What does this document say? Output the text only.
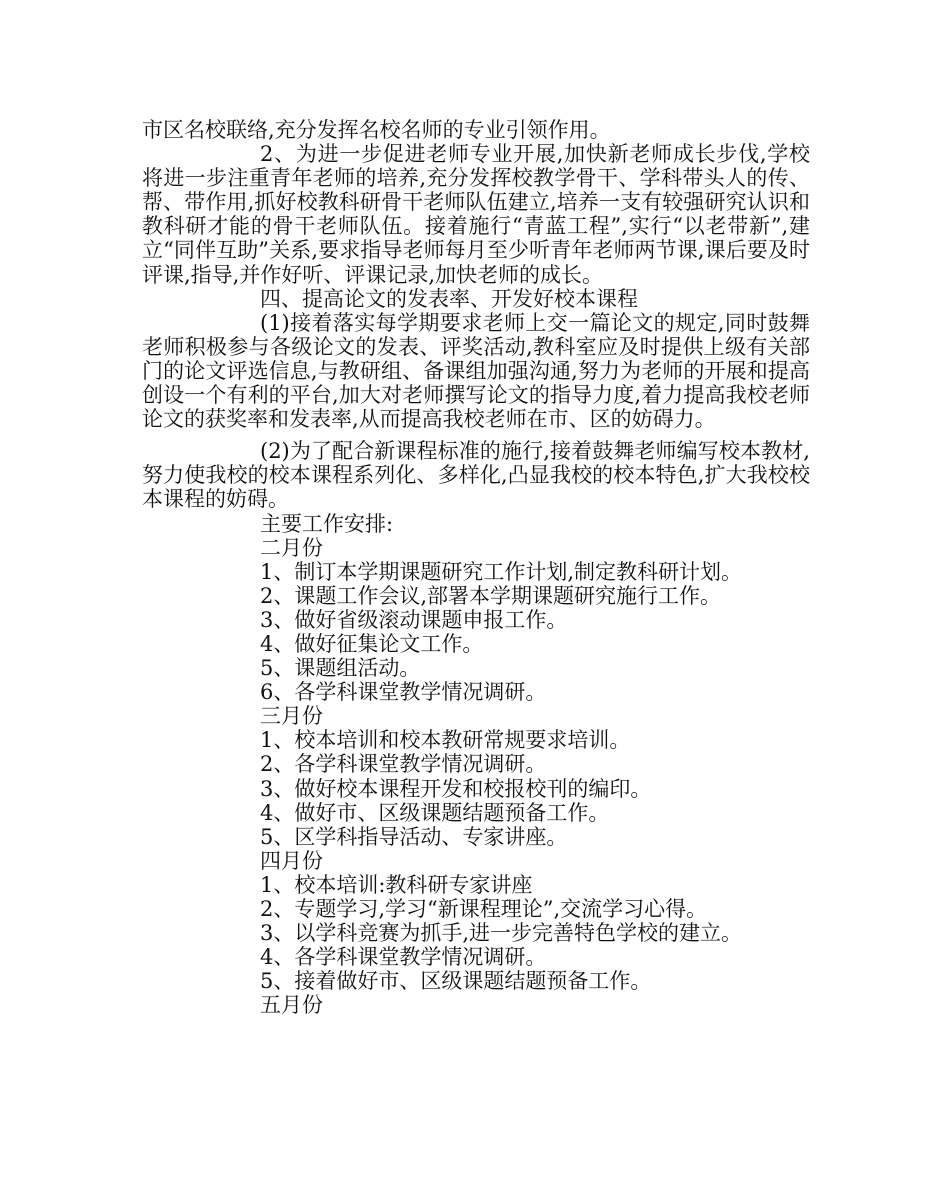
市区名校联络,充分发挥名校名师的专业引领作用。

2、为进一步促进老师专业开展,加快新老师成长步伐,学校将进一步注重青年老师的培养,充分发挥校教学骨干、学科带头人的传、帮、带作用,抓好校教科研骨干老师队伍建立,培养一支有较强研究认识和教科研才能的骨干老师队伍。接着施行“青蓝工程”,实行“以老带新”,建立“同伴互助”关系,要求指导老师每月至少听青年老师两节课,课后要及时评课,指导,并作好听、评课记录,加快老师的成长。

四、提高论文的发表率、开发好校本课程

(1)接着落实每学期要求老师上交一篇论文的规定,同时鼓舞老师积极参与各级论文的发表、评奖活动,教科室应及时提供上级有关部门的论文评选信息,与教研组、备课组加强沟通,努力为老师的开展和提高创设一个有利的平台,加大对老师撰写论文的指导力度,着力提高我校老师论文的获奖率和发表率,从而提高我校老师在市、区的妨碍力。

(2)为了配合新课程标准的施行,接着鼓舞老师编写校本教材,努力使我校的校本课程系列化、多样化,凸显我校的校本特色,扩大我校校本课程的妨碍。

主要工作安排:

二月份

1、制订本学期课题研究工作计划,制定教科研计划。

2、课题工作会议,部署本学期课题研究施行工作。

3、做好省级滚动课题申报工作。

4、做好征集论文工作。

5、课题组活动。

6、各学科课堂教学情况调研。

三月份

1、校本培训和校本教研常规要求培训。

2、各学科课堂教学情况调研。

3、做好校本课程开发和校报校刊的编印。

4、做好市、区级课题结题预备工作。

5、区学科指导活动、专家讲座。

四月份

1、校本培训:教科研专家讲座

2、专题学习,学习“新课程理论”,交流学习心得。

3、以学科竞赛为抓手,进一步完善特色学校的建立。

4、各学科课堂教学情况调研。

5、接着做好市、区级课题结题预备工作。

五月份
